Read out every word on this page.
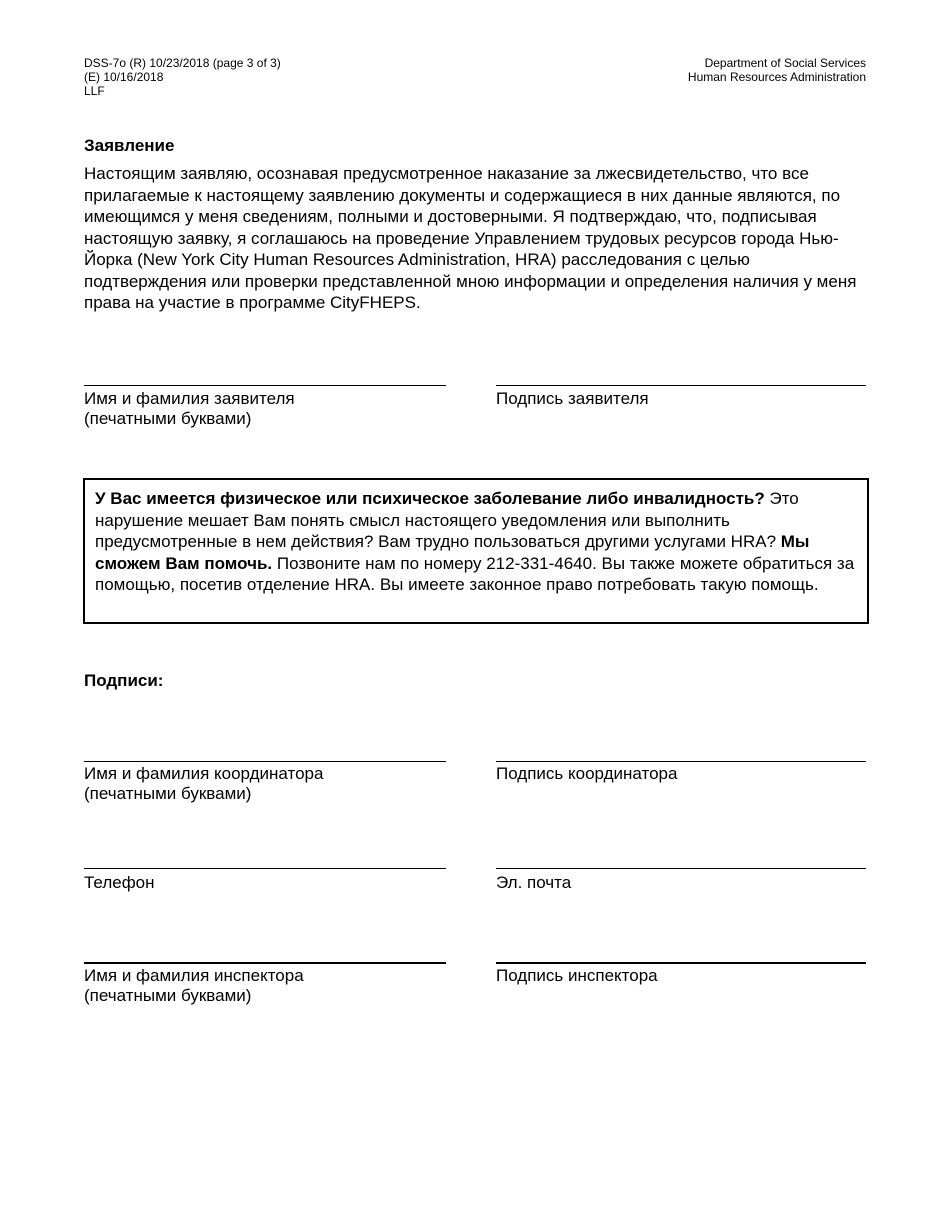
DSS-7o (R) 10/23/2018 (page 3 of 3)
(E) 10/16/2018
LLF
Department of Social Services
Human Resources Administration
Заявление
Настоящим заявляю, осознавая предусмотренное наказание за лжесвидетельство, что все прилагаемые к настоящему заявлению документы и содержащиеся в них данные являются, по имеющимся у меня сведениям, полными и достоверными. Я подтверждаю, что, подписывая настоящую заявку, я соглашаюсь на проведение Управлением трудовых ресурсов города Нью-Йорка (New York City Human Resources Administration, HRA) расследования с целью подтверждения или проверки представленной мною информации и определения наличия у меня права на участие в программе CityFHEPS.
Имя и фамилия заявителя
(печатными буквами)
Подпись заявителя
У Вас имеется физическое или психическое заболевание либо инвалидность? Это нарушение мешает Вам понять смысл настоящего уведомления или выполнить предусмотренные в нем действия? Вам трудно пользоваться другими услугами HRA? Мы сможем Вам помочь. Позвоните нам по номеру 212-331-4640. Вы также можете обратиться за помощью, посетив отделение HRA. Вы имеете законное право потребовать такую помощь.
Подписи:
Имя и фамилия координатора
(печатными буквами)
Подпись координатора
Телефон	Эл. почта
Имя и фамилия инспектора
(печатными буквами)
Подпись инспектора
